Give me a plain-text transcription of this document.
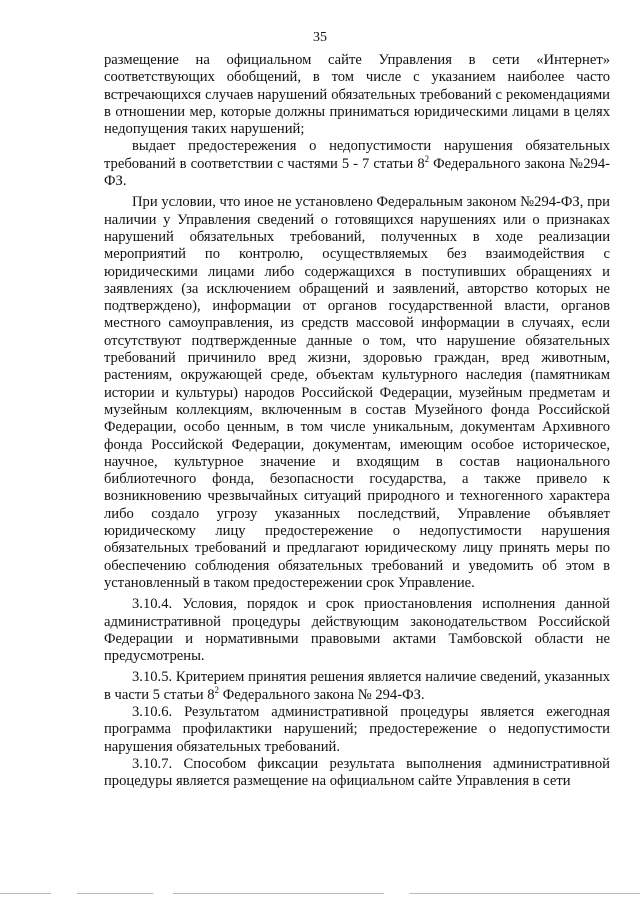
35

размещение на официальном сайте Управления в сети «Интернет» соответствующих обобщений, в том числе с указанием наиболее часто встречающихся случаев нарушений обязательных требований с рекомендациями в отношении мер, которые должны приниматься юридическими лицами в целях недопущения таких нарушений;

выдает предостережения о недопустимости нарушения обязательных требований в соответствии с частями 5 - 7 статьи $8^2$ Федерального закона №294-ФЗ.

При условии, что иное не установлено Федеральным законом №294-ФЗ, при наличии у Управления сведений о готовящихся нарушениях или о признаках нарушений обязательных требований, полученных в ходе реализации мероприятий по контролю, осуществляемых без взаимодействия с юридическими лицами либо содержащихся в поступивших обращениях и заявлениях (за исключением обращений и заявлений, авторство которых не подтверждено), информации от органов государственной власти, органов местного самоуправления, из средств массовой информации в случаях, если отсутствуют подтвержденные данные о том, что нарушение обязательных требований причинило вред жизни, здоровью граждан, вред животным, растениям, окружающей среде, объектам культурного наследия (памятникам истории и культуры) народов Российской Федерации, музейным предметам и музейным коллекциям, включенным в состав Музейного фонда Российской Федерации, особо ценным, в том числе уникальным, документам Архивного фонда Российской Федерации, документам, имеющим особое историческое, научное, культурное значение и входящим в состав национального библиотечного фонда, безопасности государства, а также привело к возникновению чрезвычайных ситуаций природного и техногенного характера либо создало угрозу указанных последствий, Управление объявляет юридическому лицу предостережение о недопустимости нарушения обязательных требований и предлагают юридическому лицу принять меры по обеспечению соблюдения обязательных требований и уведомить об этом в установленный в таком предостережении срок Управление.

3.10.4. Условия, порядок и срок приостановления исполнения данной административной процедуры действующим законодательством Российской Федерации и нормативными правовыми актами Тамбовской области не предусмотрены.

3.10.5. Критерием принятия решения является наличие сведений, указанных в части 5 статьи $8^2$ Федерального закона № 294-ФЗ.

3.10.6. Результатом административной процедуры является ежегодная программа профилактики нарушений; предостережение о недопустимости нарушения обязательных требований.

3.10.7. Способом фиксации результата выполнения административной процедуры является размещение на официальном сайте Управления в сети
